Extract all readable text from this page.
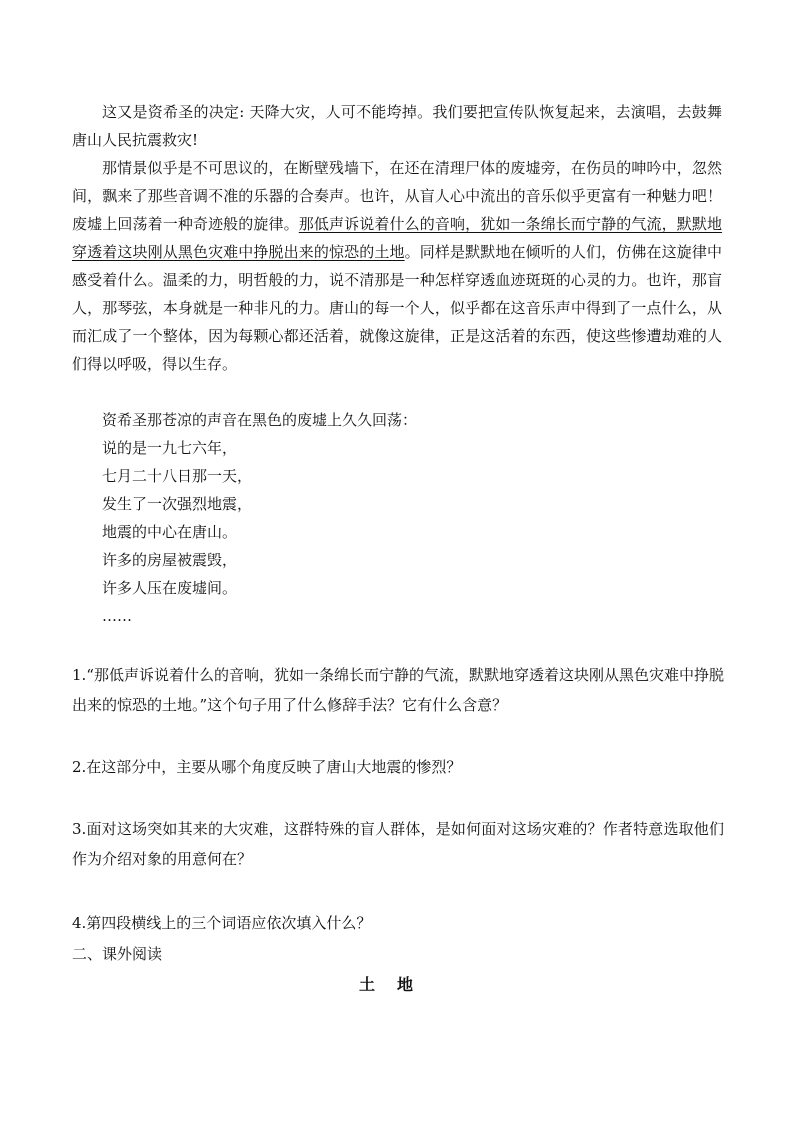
这又是资希圣的决定: 天降大灾，人可不能垮掉。我们要把宣传队恢复起来，去演唱，去鼓舞唐山人民抗震救灾!

那情景似乎是不可思议的，在断壁残墙下，在还在清理尸体的废墟旁，在伤员的呻吟中，忽然间，飘来了那些音调不准的乐器的合奏声。也许，从盲人心中流出的音乐似乎更富有一种魅力吧！废墟上回荡着一种奇迹般的旋律。那低声诉说着什么的音响，犹如一条绵长而宁静的气流，默默地穿透着这块刚从黑色灾难中挣脱出来的惊恐的土地。同样是默默地在倾听的人们，仿佛在这旋律中感受着什么。温柔的力，明哲般的力，说不清那是一种怎样穿透血迹斑斑的心灵的力。也许，那盲人，那琴弦，本身就是一种非凡的力。唐山的每一个人，似乎都在这音乐声中得到了一点什么，从而汇成了一个整体，因为每颗心都还活着，就像这旋律，正是这活着的东西，使这些惨遭劫难的人们得以呼吸，得以生存。

资希圣那苍凉的声音在黑色的废墟上久久回荡：

说的是一九七六年，

七月二十八日那一天，

发生了一次强烈地震，

地震的中心在唐山。

许多的房屋被震毁，

许多人压在废墟间。

……

1.“那低声诉说着什么的音响，犹如一条绵长而宁静的气流，默默地穿透着这块刚从黑色灾难中挣脱出来的惊恐的土地。”这个句子用了什么修辞手法？它有什么含意？

2.在这部分中，主要从哪个角度反映了唐山大地震的惨烈？

3.面对这场突如其来的大灾难，这群特殊的盲人群体，是如何面对这场灾难的？作者特意选取他们作为介绍对象的用意何在？

4.第四段横线上的三个词语应依次填入什么？

二、课外阅读

土地
